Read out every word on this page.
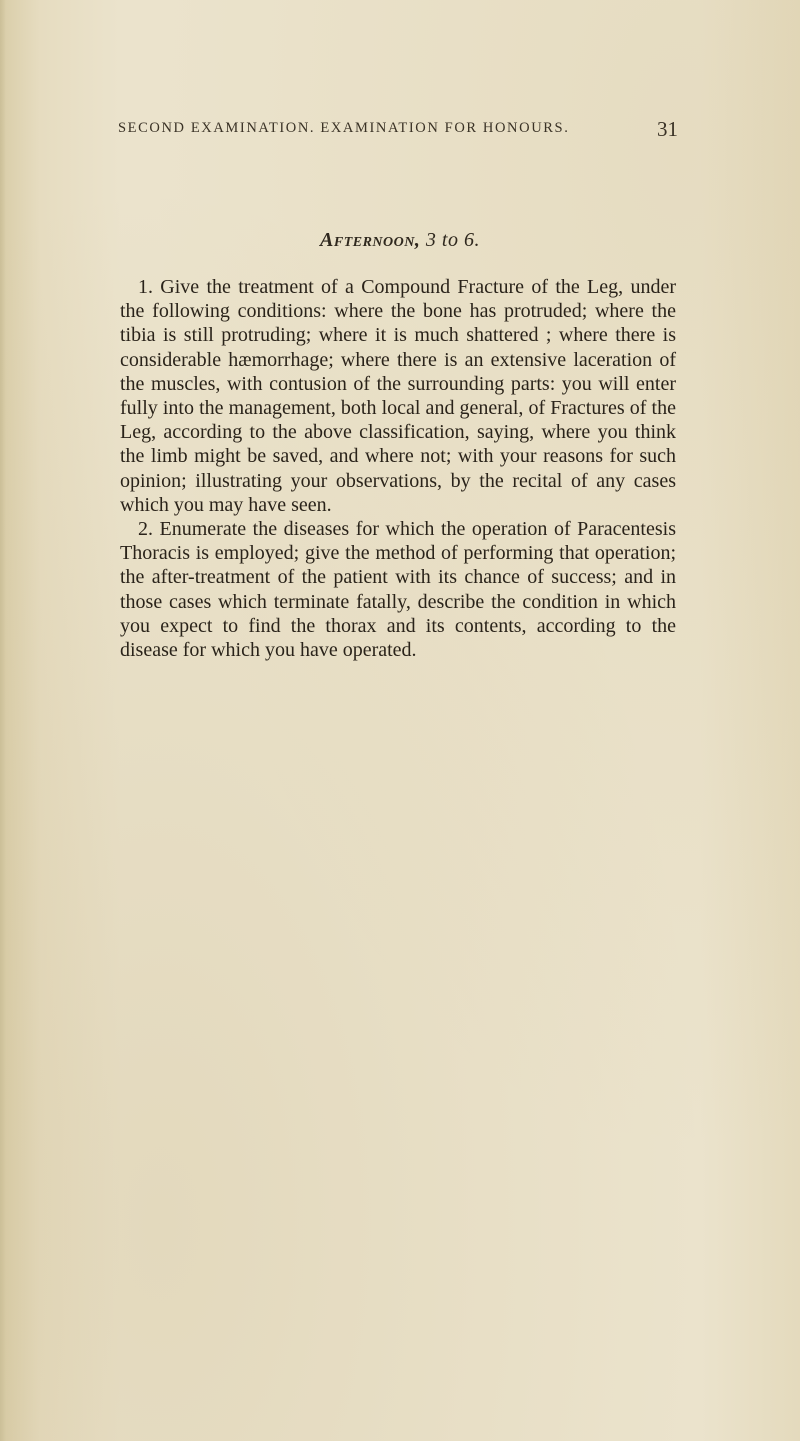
SECOND EXAMINATION. EXAMINATION FOR HONOURS.	31
Afternoon, 3 to 6.

1. Give the treatment of a Compound Fracture of the Leg, under the following conditions: where the bone has protruded; where the tibia is still protruding; where it is much shattered ; where there is considerable hæmorrhage; where there is an extensive laceration of the muscles, with contusion of the surrounding parts: you will enter fully into the management, both local and general, of Fractures of the Leg, according to the above classification, saying, where you think the limb might be saved, and where not; with your reasons for such opinion; illustrating your observations, by the recital of any cases which you may have seen.

2. Enumerate the diseases for which the operation of Paracentesis Thoracis is employed; give the method of performing that operation; the after-treatment of the patient with its chance of success; and in those cases which terminate fatally, describe the condition in which you expect to find the thorax and its contents, according to the disease for which you have operated.
